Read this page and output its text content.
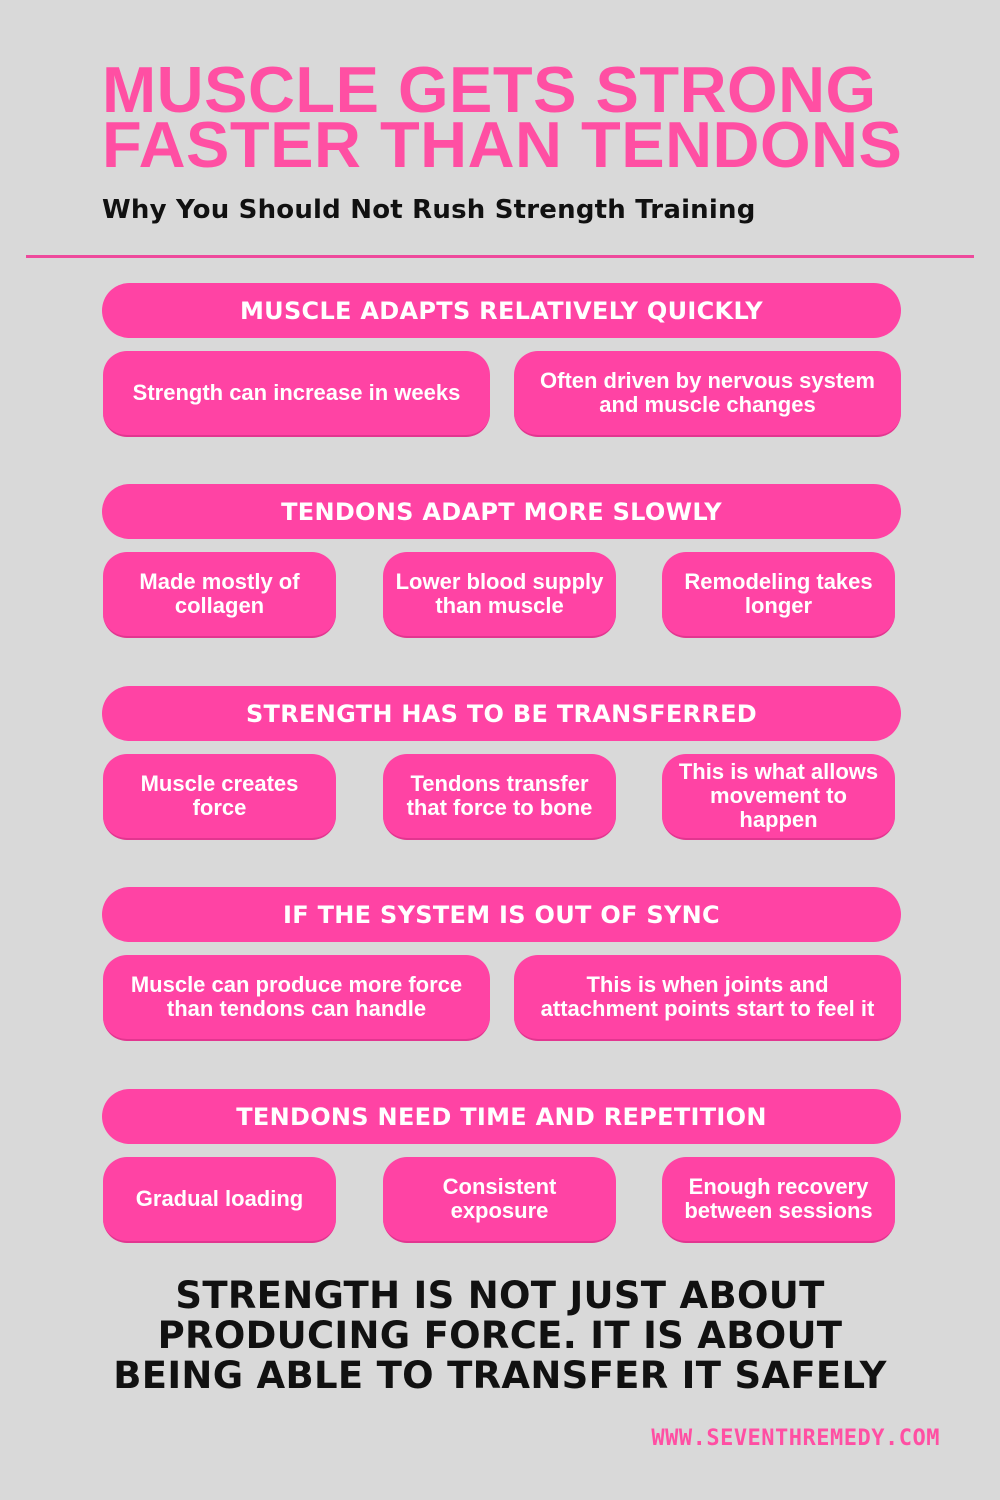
MUSCLE GETS STRONG
FASTER THAN TENDONS
Why You Should Not Rush Strength Training
MUSCLE ADAPTS RELATIVELY QUICKLY
Strength can increase in weeks	Often driven by nervous system and muscle changes
TENDONS ADAPT MORE SLOWLY
Made mostly of collagen
Lower blood supply than muscle
Remodeling takes longer
STRENGTH HAS TO BE TRANSFERRED
Muscle creates force
Tendons transfer that force to bone
This is what allows movement to happen
IF THE SYSTEM IS OUT OF SYNC
Muscle can produce more force than tendons can handle
This is when joints and attachment points start to feel it
TENDONS NEED TIME AND REPETITION
Gradual loading	Consistent exposure
Enough recovery between sessions
STRENGTH IS NOT JUST ABOUT
PRODUCING FORCE. IT IS ABOUT
BEING ABLE TO TRANSFER IT SAFELY
WWW.SEVENTHREMEDY.COM
